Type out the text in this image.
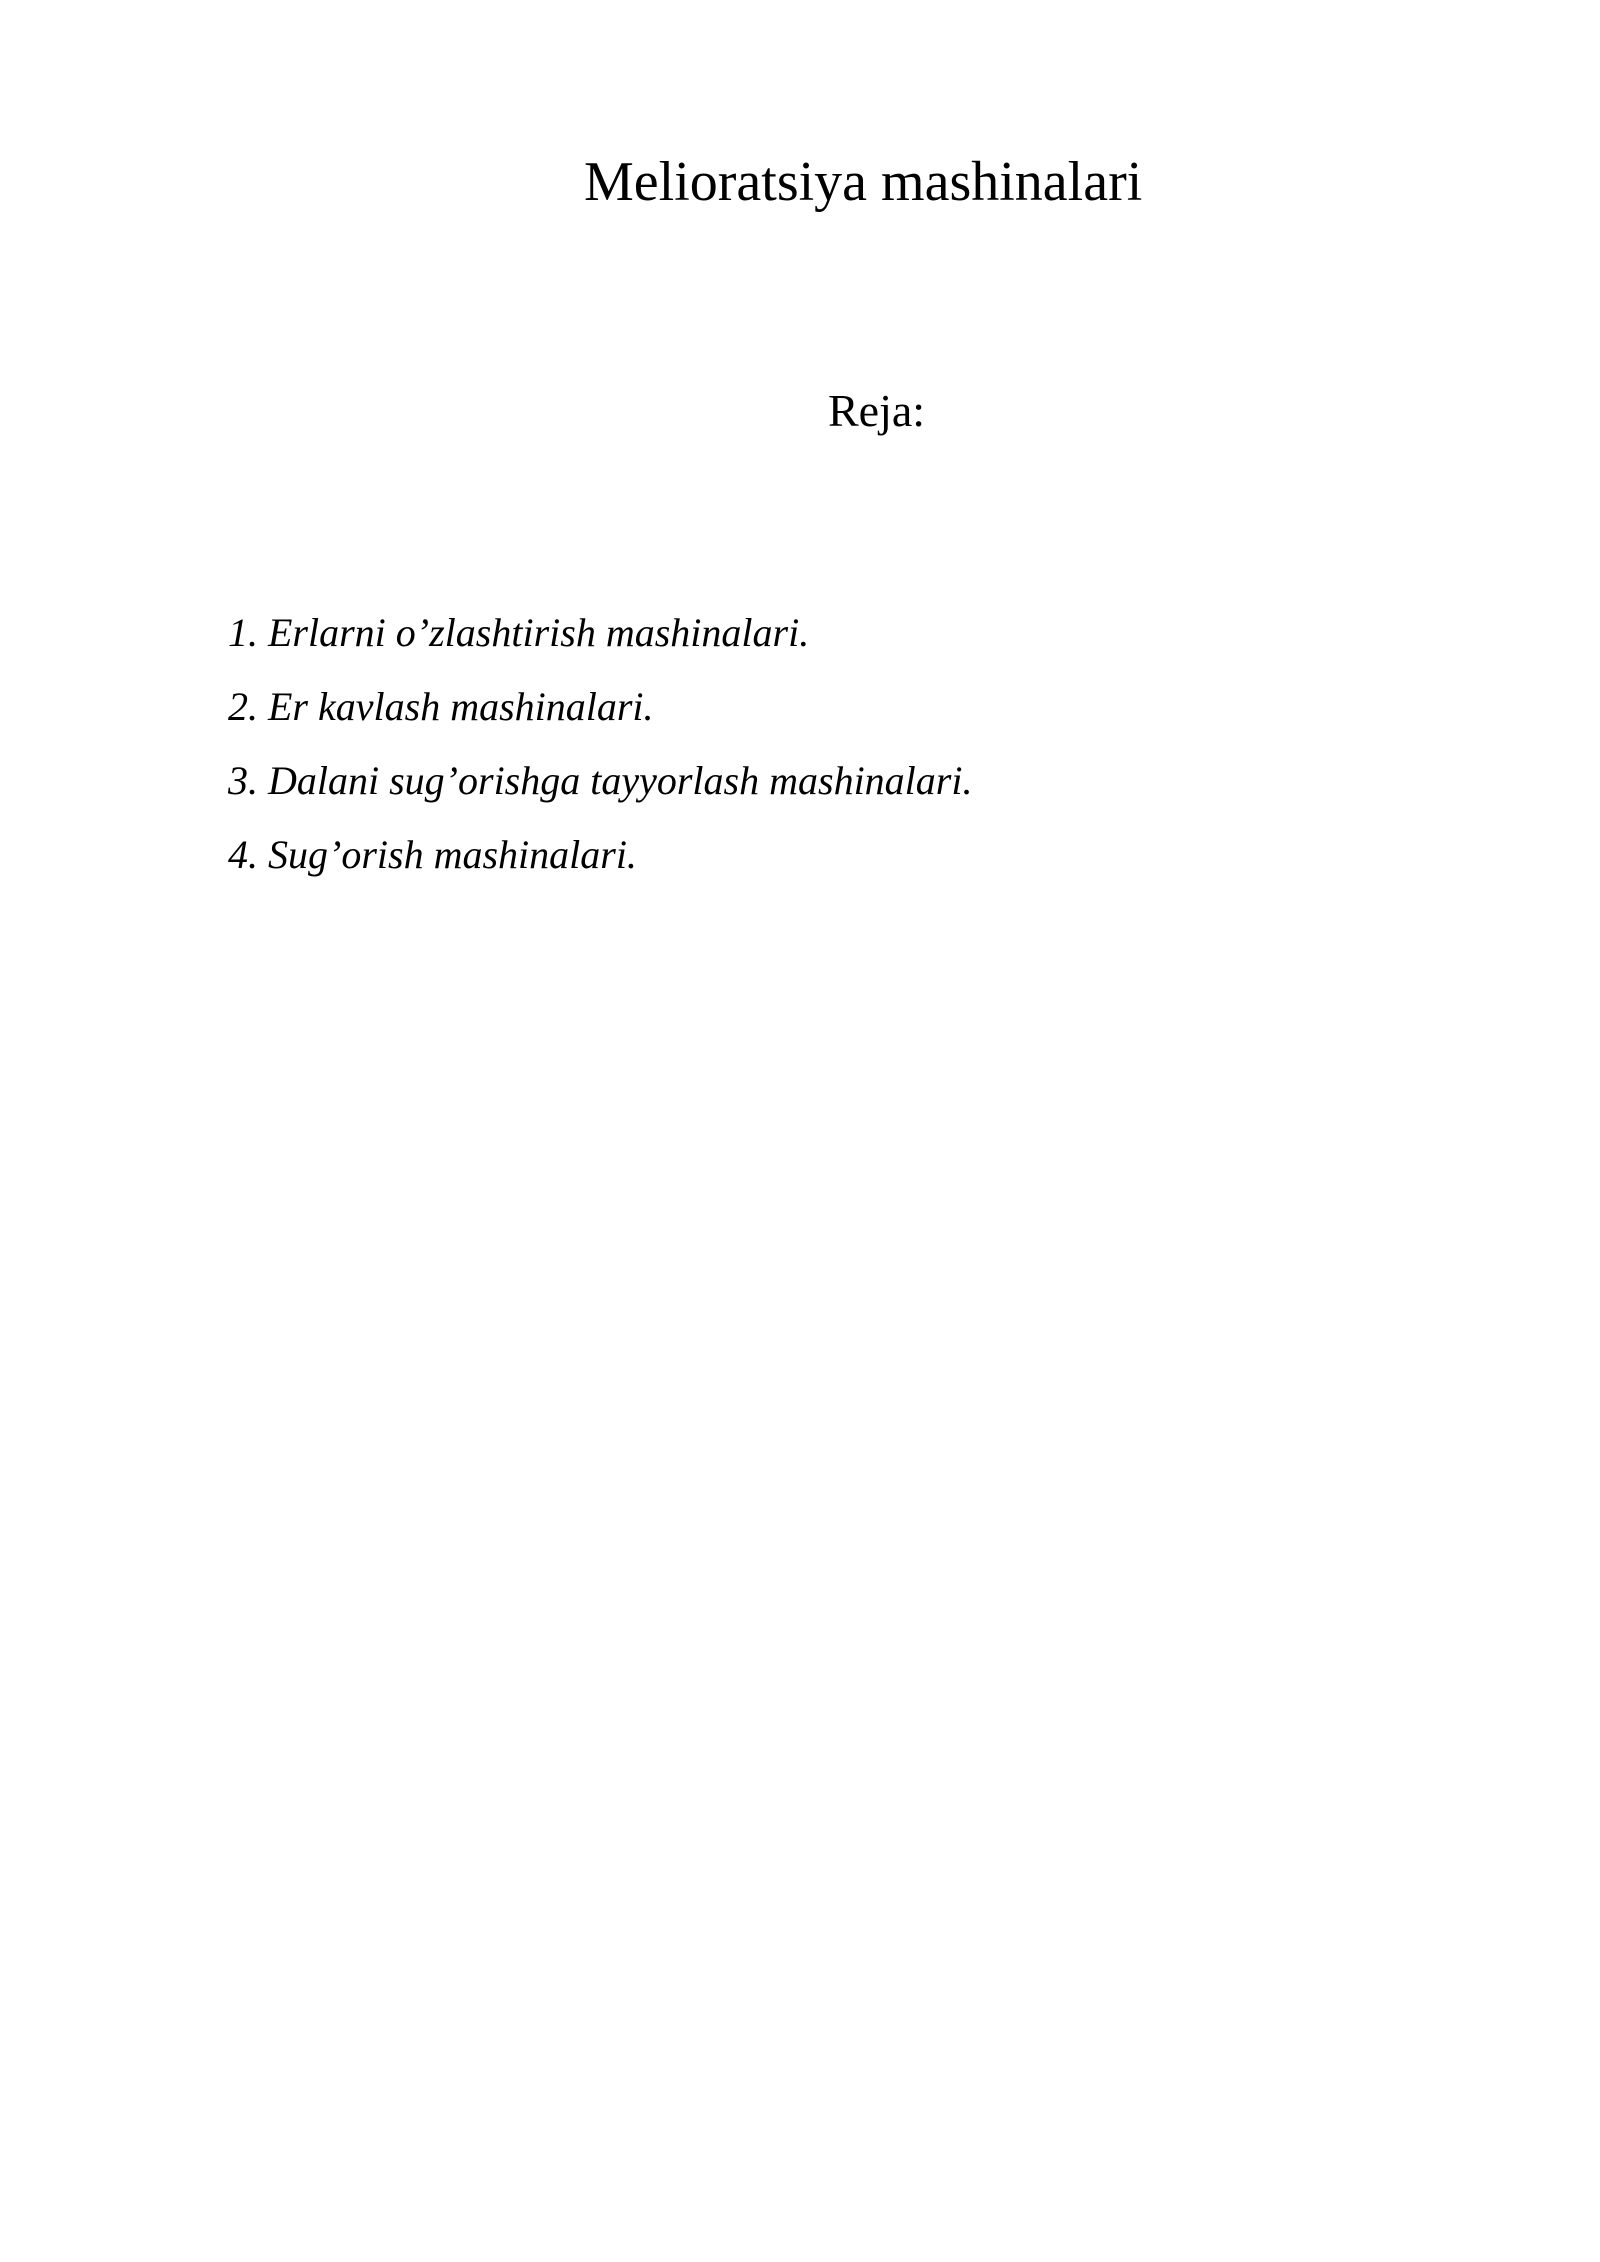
Melioratsiya mashinalari
Reja:
1. Erlarni o’zlashtirish mashinalari.
2. Er kavlash mashinalari.
3. Dalani sug’orishga tayyorlash mashinalari.
4. Sug’orish mashinalari.
